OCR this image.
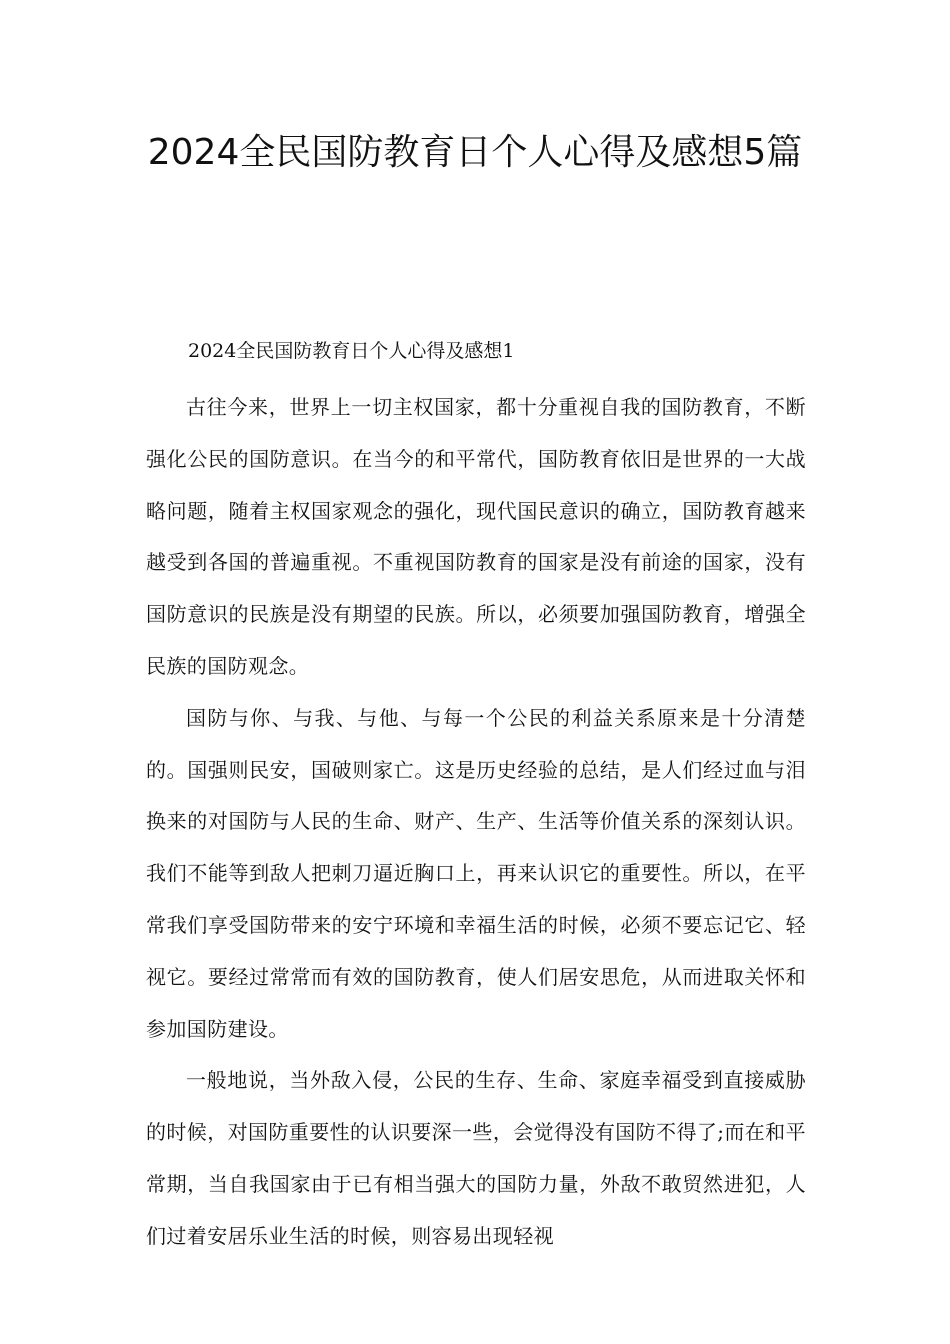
2024全民国防教育日个人心得及感想5篇

2024全民国防教育日个人心得及感想1

古往今来，世界上一切主权国家，都十分重视自我的国防教育，不断强化公民的国防意识。在当今的和平常代，国防教育依旧是世界的一大战略问题，随着主权国家观念的强化，现代国民意识的确立，国防教育越来越受到各国的普遍重视。不重视国防教育的国家是没有前途的国家，没有国防意识的民族是没有期望的民族。所以，必须要加强国防教育，增强全民族的国防观念。

国防与你、与我、与他、与每一个公民的利益关系原来是十分清楚的。国强则民安，国破则家亡。这是历史经验的总结，是人们经过血与泪换来的对国防与人民的生命、财产、生产、生活等价值关系的深刻认识。我们不能等到敌人把刺刀逼近胸口上，再来认识它的重要性。所以，在平常我们享受国防带来的安宁环境和幸福生活的时候，必须不要忘记它、轻视它。要经过常常而有效的国防教育，使人们居安思危，从而进取关怀和参加国防建设。

一般地说，当外敌入侵，公民的生存、生命、家庭幸福受到直接威胁的时候，对国防重要性的认识要深一些，会觉得没有国防不得了;而在和平常期，当自我国家由于已有相当强大的国防力量，外敌不敢贸然进犯，人们过着安居乐业生活的时候，则容易出现轻视
